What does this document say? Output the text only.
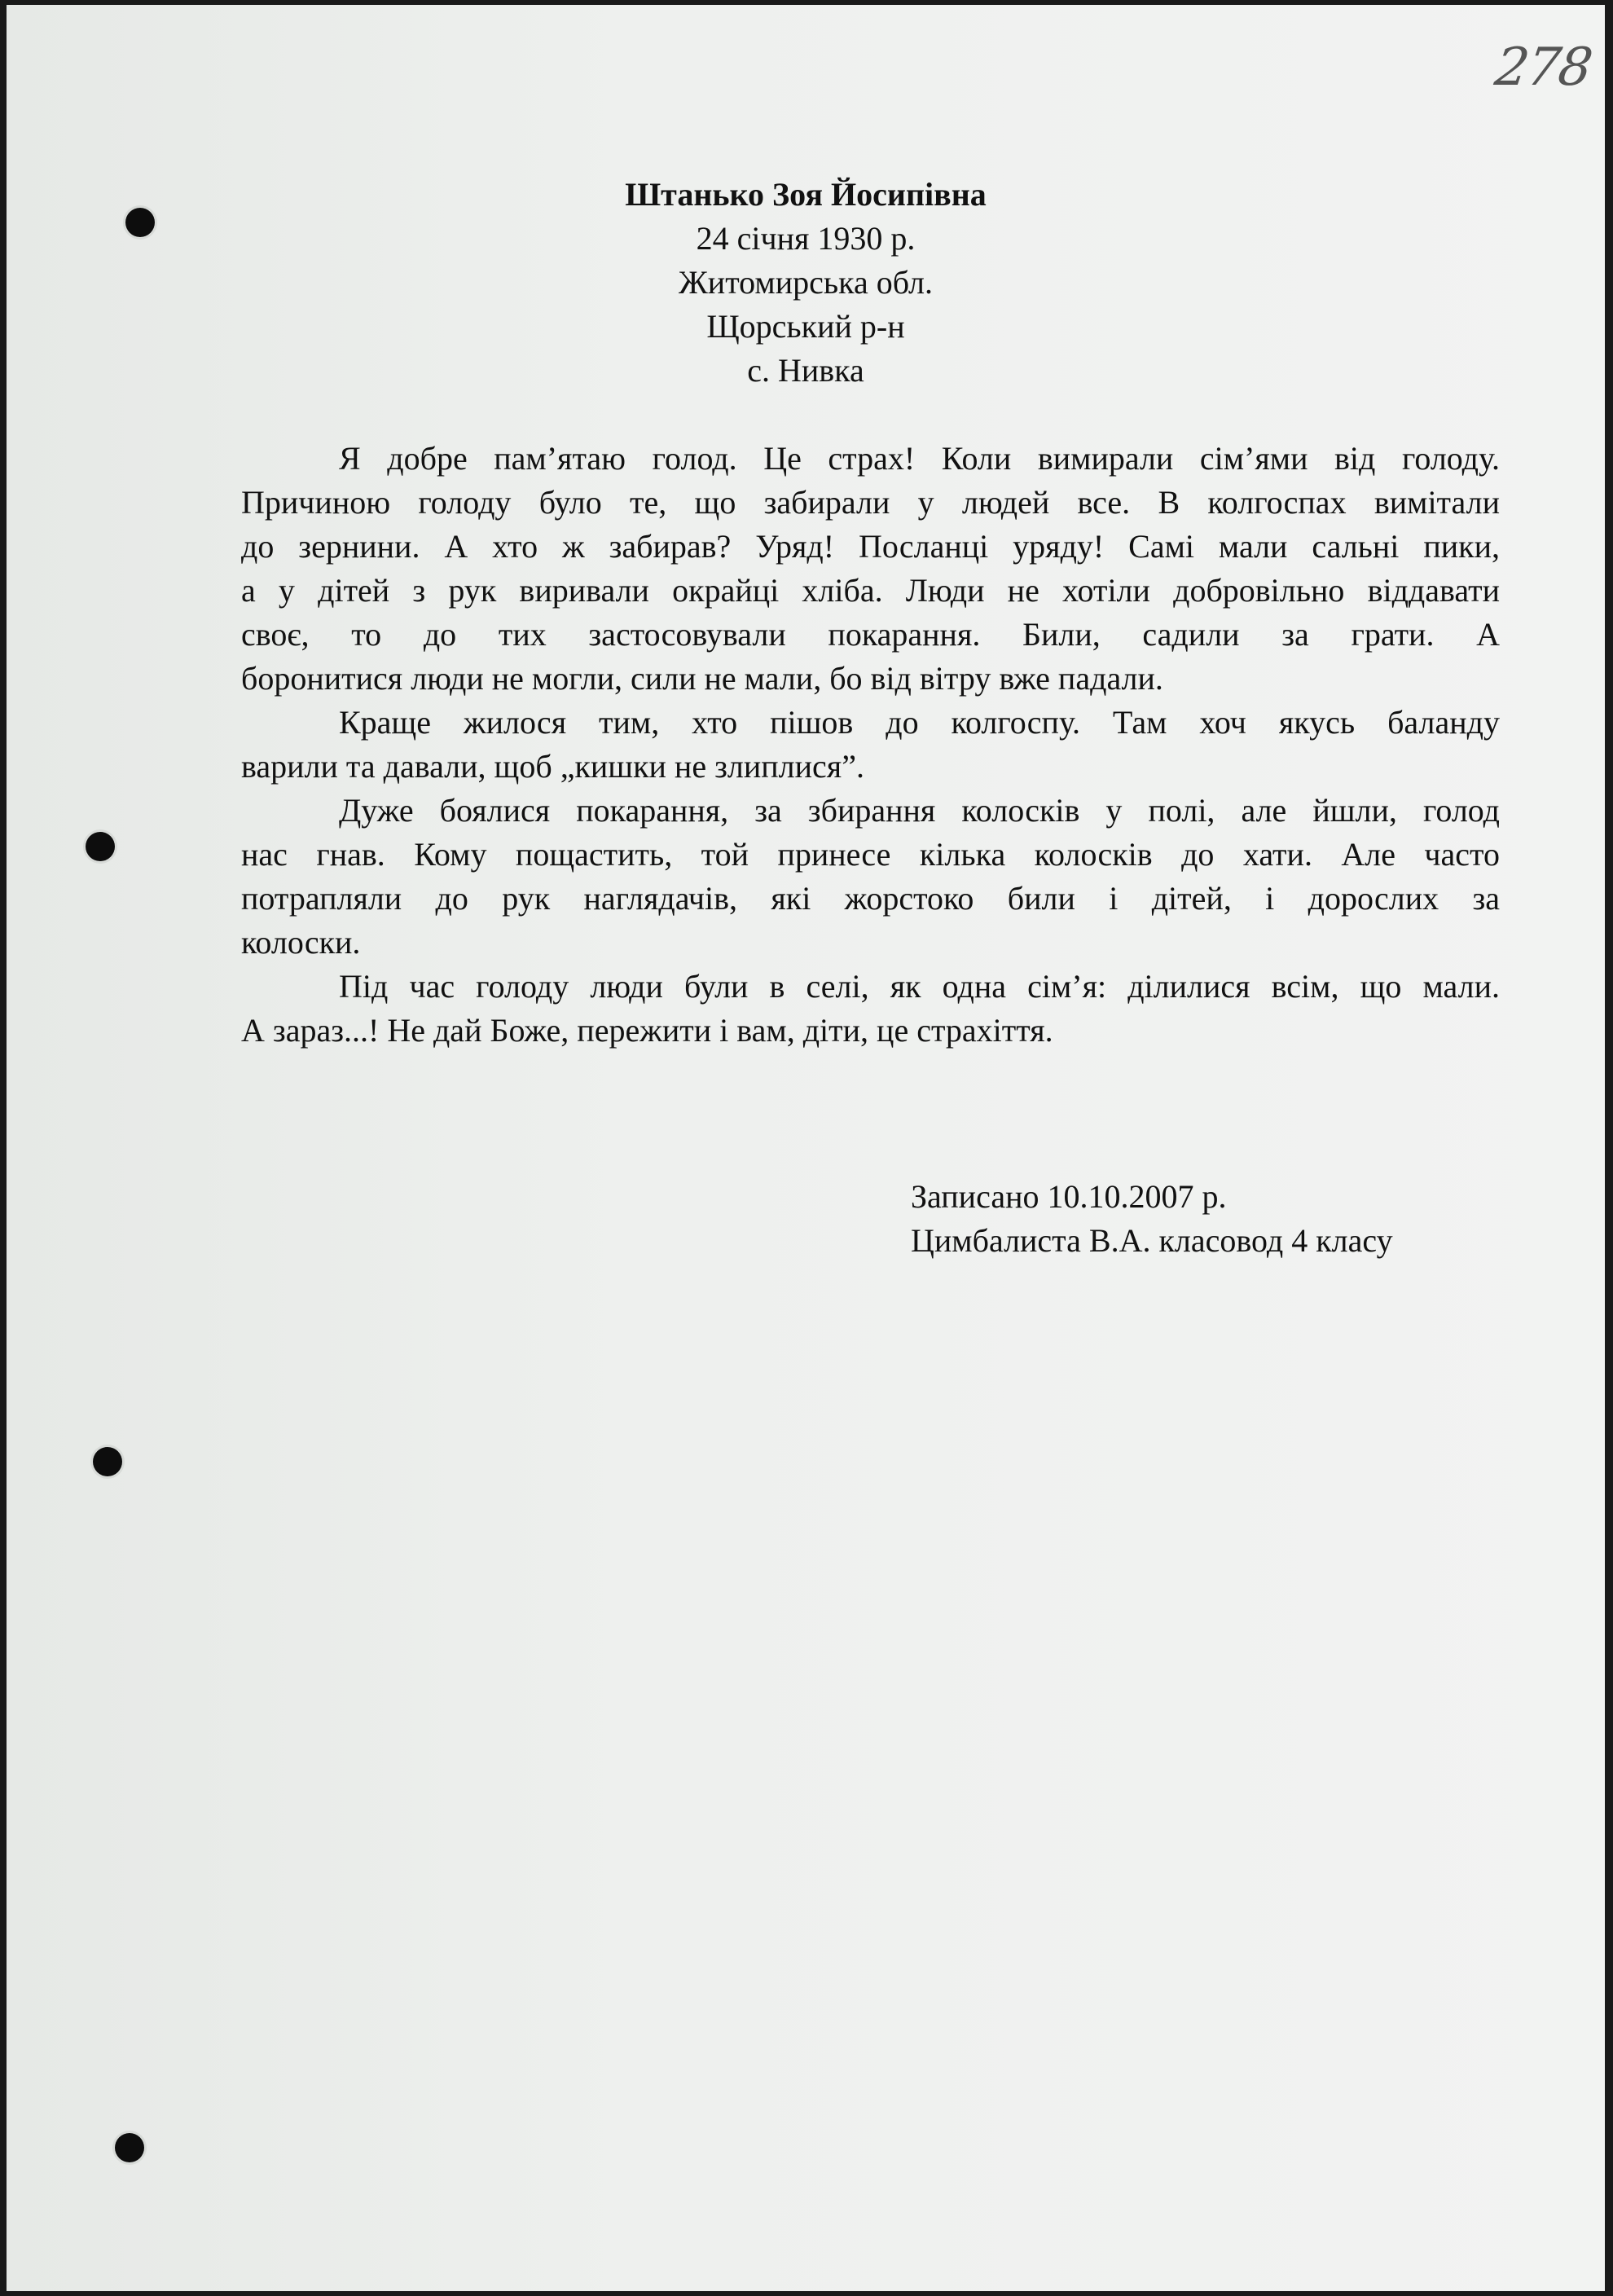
278
Штанько Зоя Йосипівна
24 січня 1930 р.
Житомирська обл.
Щорський р-н
с. Нивка
Я добре пам’ятаю голод. Це страх! Коли вимирали сім’ями від голоду.
Причиною голоду було те, що забирали у людей все. В колгоспах вимітали
до зернини. А хто ж забирав? Уряд! Посланці уряду! Самі мали сальні пики,
а у дітей з рук виривали окрайці хліба. Люди не хотіли добровільно віддавати
своє, то до тих застосовували покарання. Били, садили за грати. А
боронитися люди не могли, сили не мали, бо від вітру вже падали.
Краще жилося тим, хто пішов до колгоспу. Там хоч якусь баланду
варили та давали, щоб „кишки не злиплися”.
Дуже боялися покарання, за збирання колосків у полі, але йшли, голод
нас гнав. Кому пощастить, той принесе кілька колосків до хати. Але часто
потрапляли до рук наглядачів, які жорстоко били і дітей, і дорослих за
колоски.
Під час голоду люди були в селі, як одна сім’я: ділилися всім, що мали.
А зараз...! Не дай Боже, пережити і вам, діти, це страхіття.
Записано 10.10.2007 р.
Цимбалиста В.А. класовод 4 класу
